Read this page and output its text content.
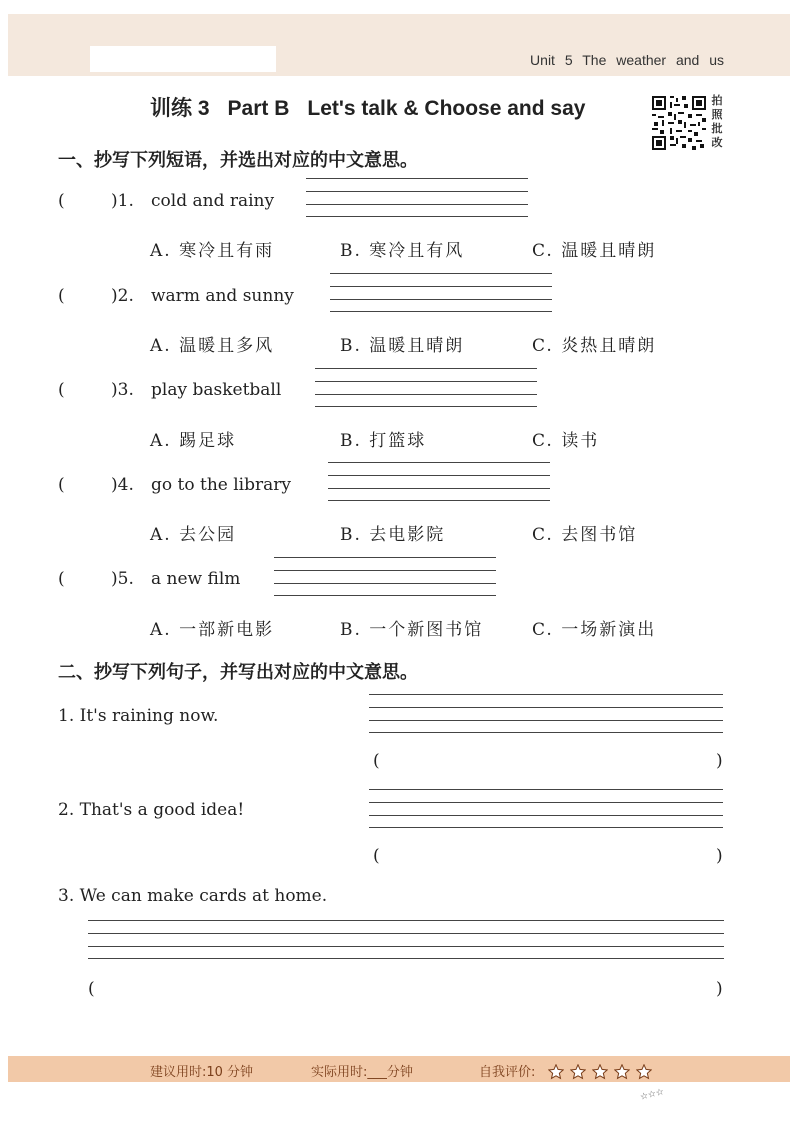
Unit 5 The weather and us
训练 3 Part B Let's talk & Choose and say	拍
照
批
改
一、抄写下列短语，并选出对应的中文意思。
(	)1. cold and rainy
A. 寒冷且有雨	B. 寒冷且有风	C. 温暖且晴朗
(	)2. warm and sunny
A. 温暖且多风	B. 温暖且晴朗	C. 炎热且晴朗
(	)3. play basketball
A. 踢足球	B. 打篮球	C. 读书
(	)4. go to the library
A. 去公园	B. 去电影院	C. 去图书馆
(	)5. a new film
A. 一部新电影	B. 一个新图书馆	C. 一场新演出
二、抄写下列句子，并写出对应的中文意思。
1. It's raining now.
(	)
2. That's a good idea!
(	)
3. We can make cards at home.
(	)
建议用时:10 分钟	实际用时:___分钟	自我评价:

☆☆☆
